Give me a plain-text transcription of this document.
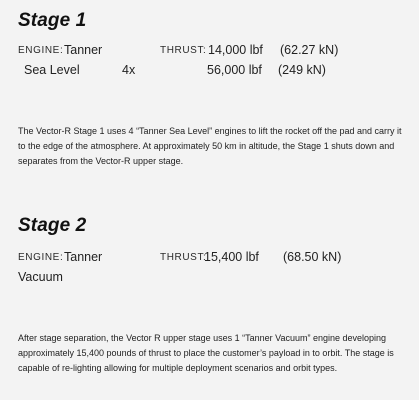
Stage 1
ENGINE: Tanner
Sea Level	4x
THRUST: 14,000 lbf (62.27 kN)
56,000 lbf (249 kN)

The Vector-R Stage 1 uses 4 “Tanner Sea Level” engines to lift the rocket off the pad and carry it to the edge of the atmosphere. At approximately 50 km in altitude, the Stage 1 shuts down and separates from the Vector-R upper stage.

Stage 2
ENGINE: Tanner
Vacuum
THRUST:
15,400 lbf (68.50 kN)

After stage separation, the Vector R upper stage uses 1 “Tanner Vacuum” engine developing approximately 15,400 pounds of thrust to place the customer’s payload in to orbit. The stage is capable of re-lighting allowing for multiple deployment scenarios and orbit types.
